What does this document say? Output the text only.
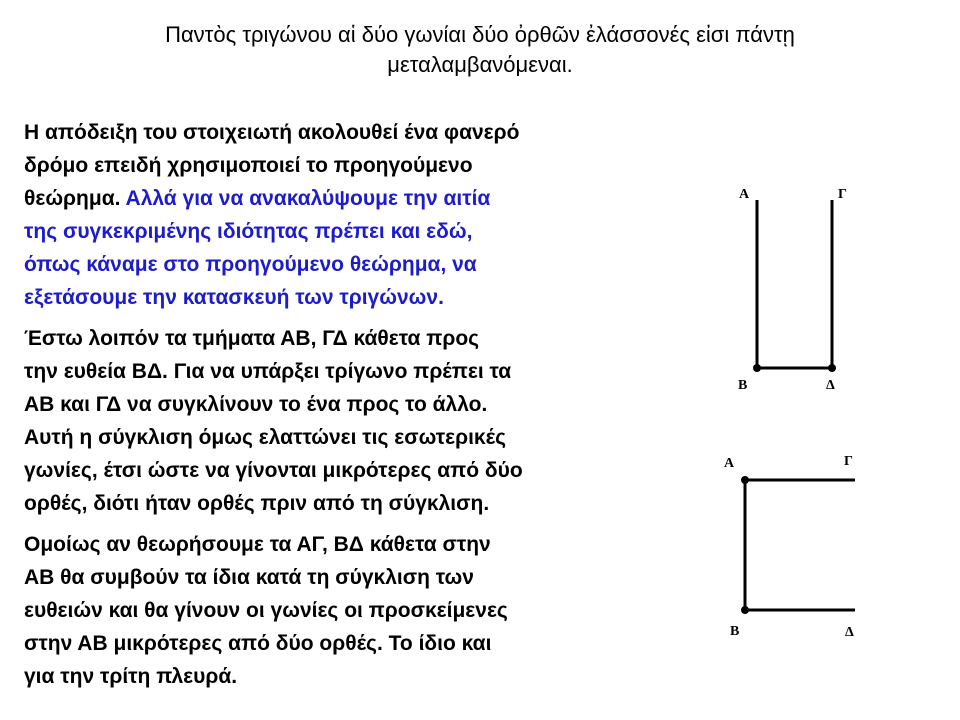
Παντὸς τριγώνου αἱ δύο γωνίαι δύο ὀρθῶν ἐλάσσονές εἰσι πάντῃ
μεταλαμβανόμεναι.

Η απόδειξη του στοιχειωτή ακολουθεί ένα φανερό
δρόμο επειδή χρησιμοποιεί το προηγούμενο
θεώρημα. Αλλά για να ανακαλύψουμε την αιτία
της συγκεκριμένης ιδιότητας πρέπει και εδώ,
όπως κάναμε στο προηγούμενο θεώρημα, να
εξετάσουμε την κατασκευή των τριγώνων.

Έστω λοιπόν τα τμήματα ΑΒ, ΓΔ κάθετα προς
την ευθεία ΒΔ. Για να υπάρξει τρίγωνο πρέπει τα
ΑΒ και ΓΔ να συγκλίνουν το ένα προς το άλλο.
Αυτή η σύγκλιση όμως ελαττώνει τις εσωτερικές
γωνίες, έτσι ώστε να γίνονται μικρότερες από δύο
ορθές, διότι ήταν ορθές πριν από τη σύγκλιση.

Ομοίως αν θεωρήσουμε τα ΑΓ, ΒΔ κάθετα στην
ΑΒ θα συμβούν τα ίδια κατά τη σύγκλιση των
ευθειών και θα γίνουν οι γωνίες οι προσκείμενες
στην ΑΒ μικρότερες από δύο ορθές. Το ίδιο και
για την τρίτη πλευρά.

Α	Γ
Β	Δ
Α	Γ
Β	Δ
